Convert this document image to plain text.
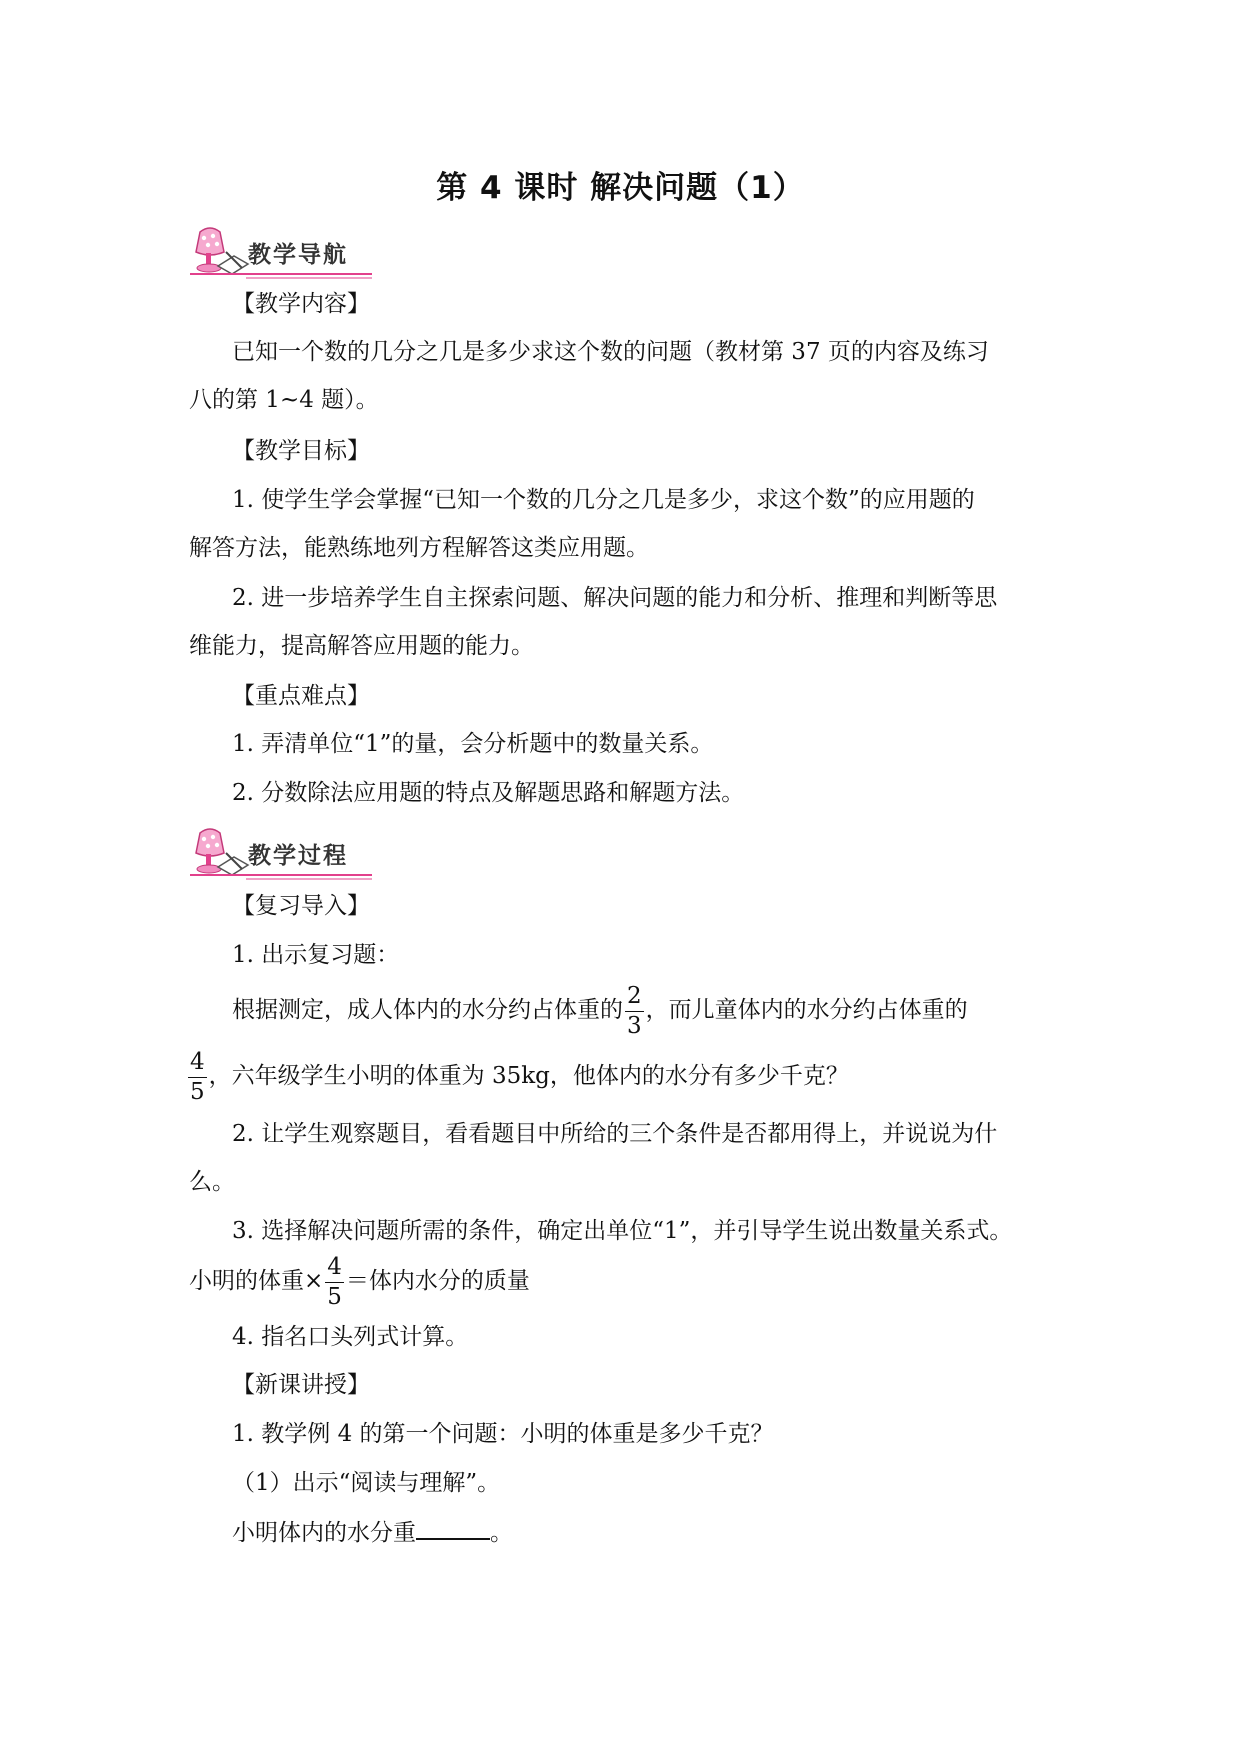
第 4 课时 解决问题（1）
教学导航
【教学内容】
已知一个数的几分之几是多少求这个数的问题（教材第 37 页的内容及练习
八的第 1~4 题）。
【教学目标】
1. 使学生学会掌握“已知一个数的几分之几是多少，求这个数”的应用题的
解答方法，能熟练地列方程解答这类应用题。
2. 进一步培养学生自主探索问题、解决问题的能力和分析、推理和判断等思
维能力，提高解答应用题的能力。
【重点难点】
1. 弄清单位“1”的量，会分析题中的数量关系。
2. 分数除法应用题的特点及解题思路和解题方法。
教学过程
【复习导入】
1. 出示复习题：
根据测定，成人体内的水分约占体重的 $\frac{2}{3}$ ，而儿童体内的水分约占体重的
$\frac{4}{5}$ ，六年级学生小明的体重为 35kg，他体内的水分有多少千克？
2. 让学生观察题目，看看题目中所给的三个条件是否都用得上，并说说为什
么。
3. 选择解决问题所需的条件，确定出单位“1”，并引导学生说出数量关系式。
小明的体重× $\frac{4}{5}$ ＝体内水分的质量
4. 指名口头列式计算。
【新课讲授】
1. 教学例 4 的第一个问题：小明的体重是多少千克？
（1）出示“阅读与理解”。
小明体内的水分重	。
